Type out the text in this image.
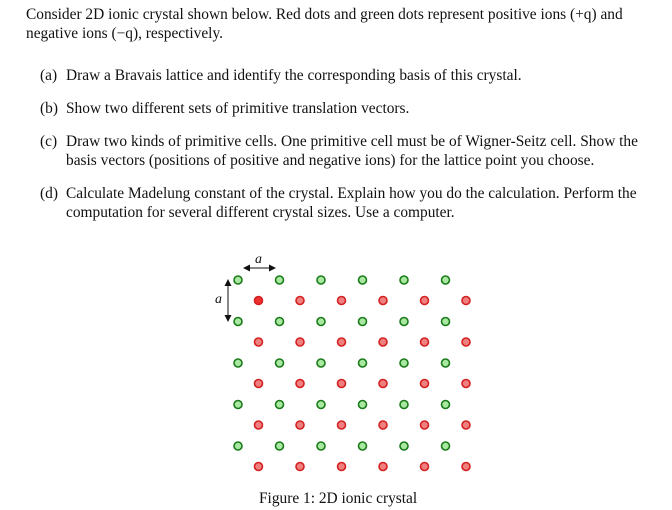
Consider 2D ionic crystal shown below. Red dots and green dots represent positive ions (+q) and negative ions (−q), respectively.
(a) Draw a Bravais lattice and identify the corresponding basis of this crystal.
(b) Show two different sets of primitive translation vectors.
(c) Draw two kinds of primitive cells. One primitive cell must be of Wigner-Seitz cell. Show the basis vectors (positions of positive and negative ions) for the lattice point you choose.
(d) Calculate Madelung constant of the crystal. Explain how you do the calculation. Perform the computation for several different crystal sizes. Use a computer.
a
a
Figure 1: 2D ionic crystal
